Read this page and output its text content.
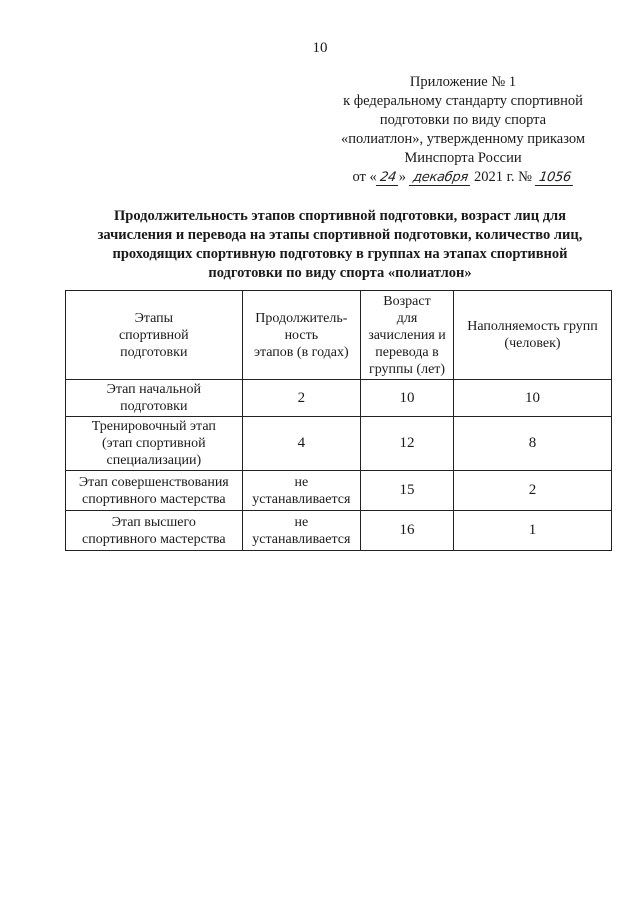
10
Приложение № 1
к федеральному стандарту спортивной
подготовки по виду спорта
«полиатлон», утвержденному приказом
Минспорта России
от « 24 » декабря 2021 г. № 1056
Продолжительность этапов спортивной подготовки, возраст лиц для
зачисления и перевода на этапы спортивной подготовки, количество лиц,
проходящих спортивную подготовку в группах на этапах спортивной
подготовки по виду спорта «полиатлон»
Этапы
спортивной
подготовки	Продолжитель-
ность
этапов (в годах)	Возраст
для
зачисления и
перевода в
группы (лет)	Наполняемость групп
(человек)

Этап начальной
подготовки	2	10	10

Тренировочный этап
(этап спортивной
специализации)	4	12	8

Этап совершенствования
спортивного мастерства	не
устанавливается	15	2

Этап высшего
спортивного мастерства	не
устанавливается	16	1
